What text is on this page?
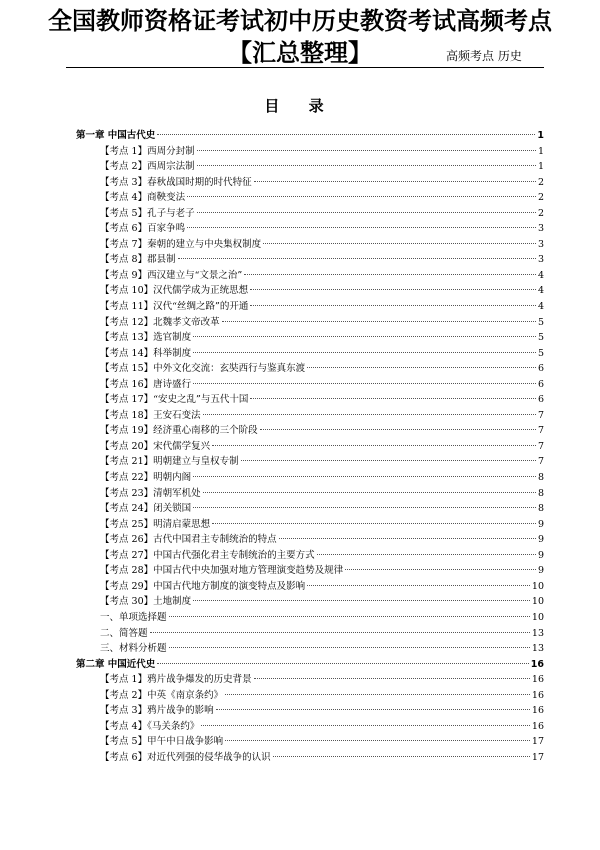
全国教师资格证考试初中历史教资考试高频考点
【汇总整理】	高频考点 历史
目 录
第一章 中国古代史	1
【考点 1】西周分封制	1
【考点 2】西周宗法制	1
【考点 3】春秋战国时期的时代特征	2
【考点 4】商鞅变法	2
【考点 5】孔子与老子	2
【考点 6】百家争鸣	3
【考点 7】秦朝的建立与中央集权制度	3
【考点 8】郡县制	3
【考点 9】西汉建立与“文景之治”	4
【考点 10】汉代儒学成为正统思想	4
【考点 11】汉代“丝绸之路”的开通	4
【考点 12】北魏孝文帝改革	5
【考点 13】选官制度	5
【考点 14】科举制度	5
【考点 15】中外文化交流：玄奘西行与鉴真东渡	6
【考点 16】唐诗盛行	6
【考点 17】“安史之乱”与五代十国	6
【考点 18】王安石变法	7
【考点 19】经济重心南移的三个阶段	7
【考点 20】宋代儒学复兴	7
【考点 21】明朝建立与皇权专制	7
【考点 22】明朝内阁	8
【考点 23】清朝军机处	8
【考点 24】闭关锁国	8
【考点 25】明清启蒙思想	9
【考点 26】古代中国君主专制统治的特点	9
【考点 27】中国古代强化君主专制统治的主要方式	9
【考点 28】中国古代中央加强对地方管理演变趋势及规律	9
【考点 29】中国古代地方制度的演变特点及影响	10
【考点 30】土地制度	10
一、单项选择题	10
二、简答题	13
三、材料分析题	13
第二章 中国近代史	16
【考点 1】鸦片战争爆发的历史背景	16
【考点 2】中英《南京条约》	16
【考点 3】鸦片战争的影响	16
【考点 4】《马关条约》	16
【考点 5】甲午中日战争影响	17
【考点 6】对近代列强的侵华战争的认识	17
